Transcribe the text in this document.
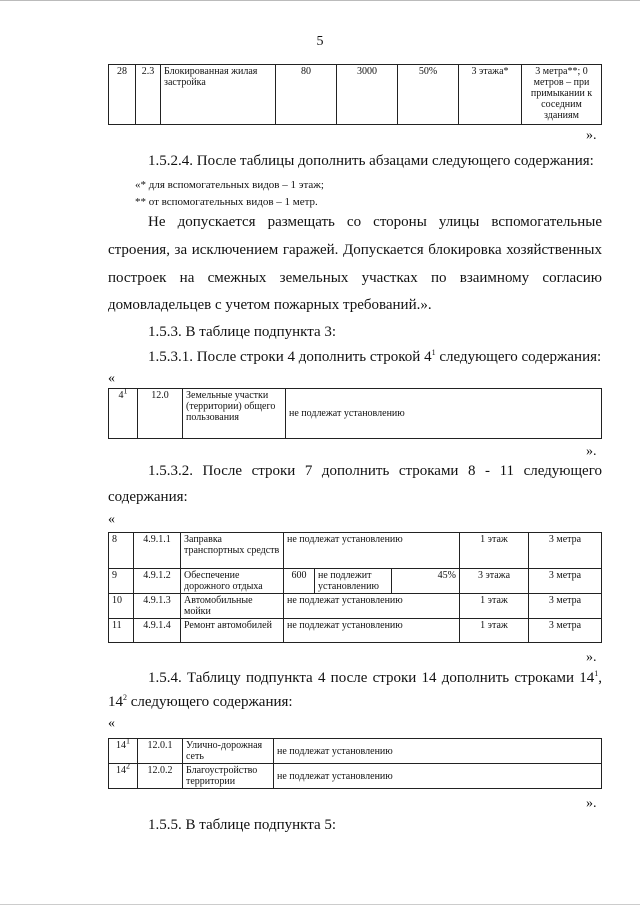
5
28	2.3	Блокированная жилая застройка	80	3000	50%	3 этажа*	3 метра**; 0 метров – при примыкании к соседним зданиям
».
1.5.2.4. После таблицы дополнить абзацами следующего содержания:
«* для вспомогательных видов – 1 этаж;
** от вспомогательных видов – 1 метр.
Не допускается размещать со стороны улицы вспомогательные
строения, за исключением гаражей. Допускается блокировка хозяйственных
построек на смежных земельных участках по взаимному согласию
домовладельцев с учетом пожарных требований.».
1.5.3. В таблице подпункта 3:
1.5.3.1. После строки 4 дополнить строкой $4^1$ следующего содержания:
«
$4^1$	12.0	Земельные участки (территории) общего пользования	не подлежат установлению
».
1.5.3.2. После строки 7 дополнить строками 8 - 11 следующего
содержания:
«
8	4.9.1.1	Заправка транспортных средств	не подлежат установлению			1 этаж	3 метра
9	4.9.1.2	Обеспечение дорожного отдыха	600	не подлежит установлению	45%	3 этажа	3 метра
10	4.9.1.3	Автомобильные мойки	не подлежат установлению			1 этаж	3 метра
11	4.9.1.4	Ремонт автомобилей	не подлежат установлению			1 этаж	3 метра
».
1.5.4. Таблицу подпункта 4 после строки 14 дополнить строками $14^1$,
$14^2$ следующего содержания:
«
$14^1$	12.0.1	Улично-дорожная сеть	не подлежат установлению
$14^2$	12.0.2	Благоустройство территории	не подлежат установлению
».
1.5.5. В таблице подпункта 5:
